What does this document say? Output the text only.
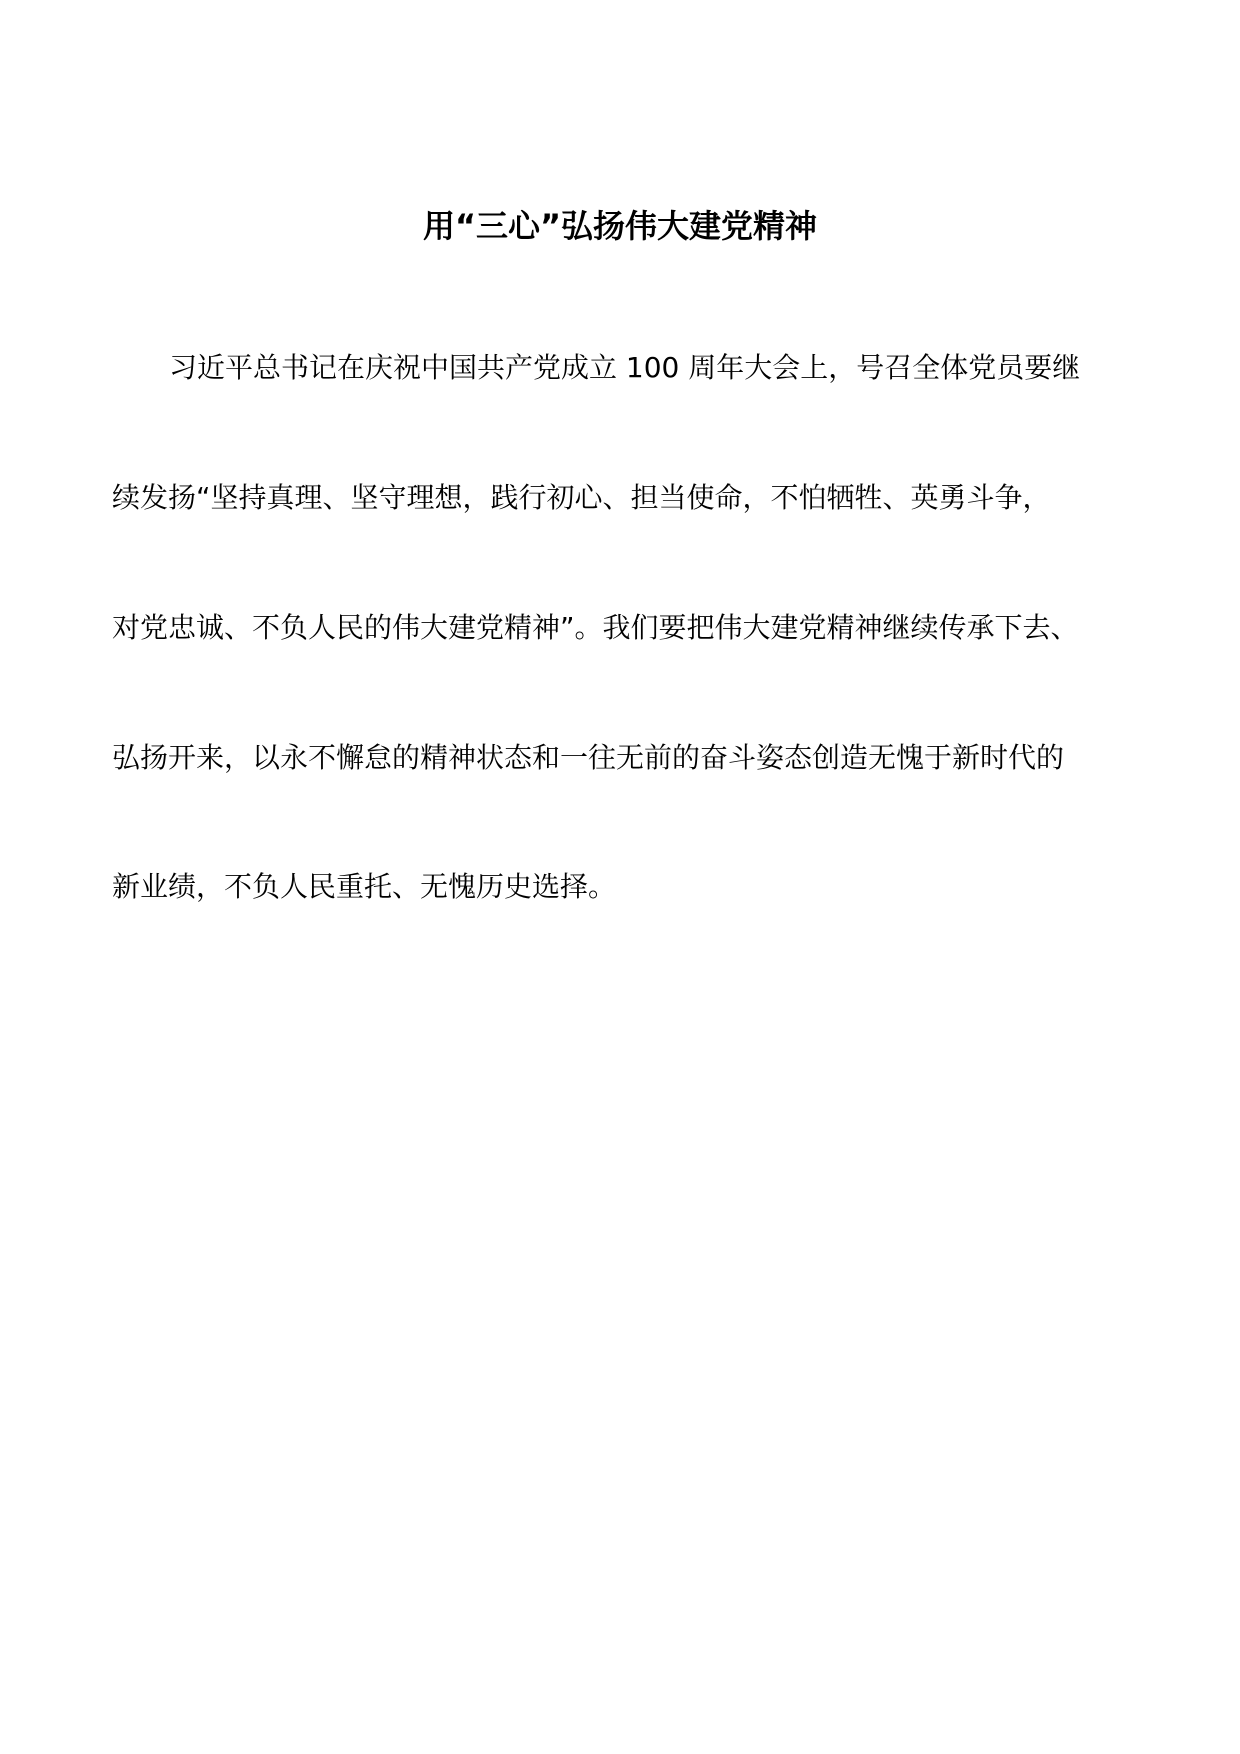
用“三心”弘扬伟大建党精神

习近平总书记在庆祝中国共产党成立 100 周年大会上，号召全体党员要继

续发扬“坚持真理、坚守理想，践行初心、担当使命，不怕牺牲、英勇斗争，

对党忠诚、不负人民的伟大建党精神”。我们要把伟大建党精神继续传承下去、

弘扬开来，以永不懈怠的精神状态和一往无前的奋斗姿态创造无愧于新时代的

新业绩，不负人民重托、无愧历史选择。
